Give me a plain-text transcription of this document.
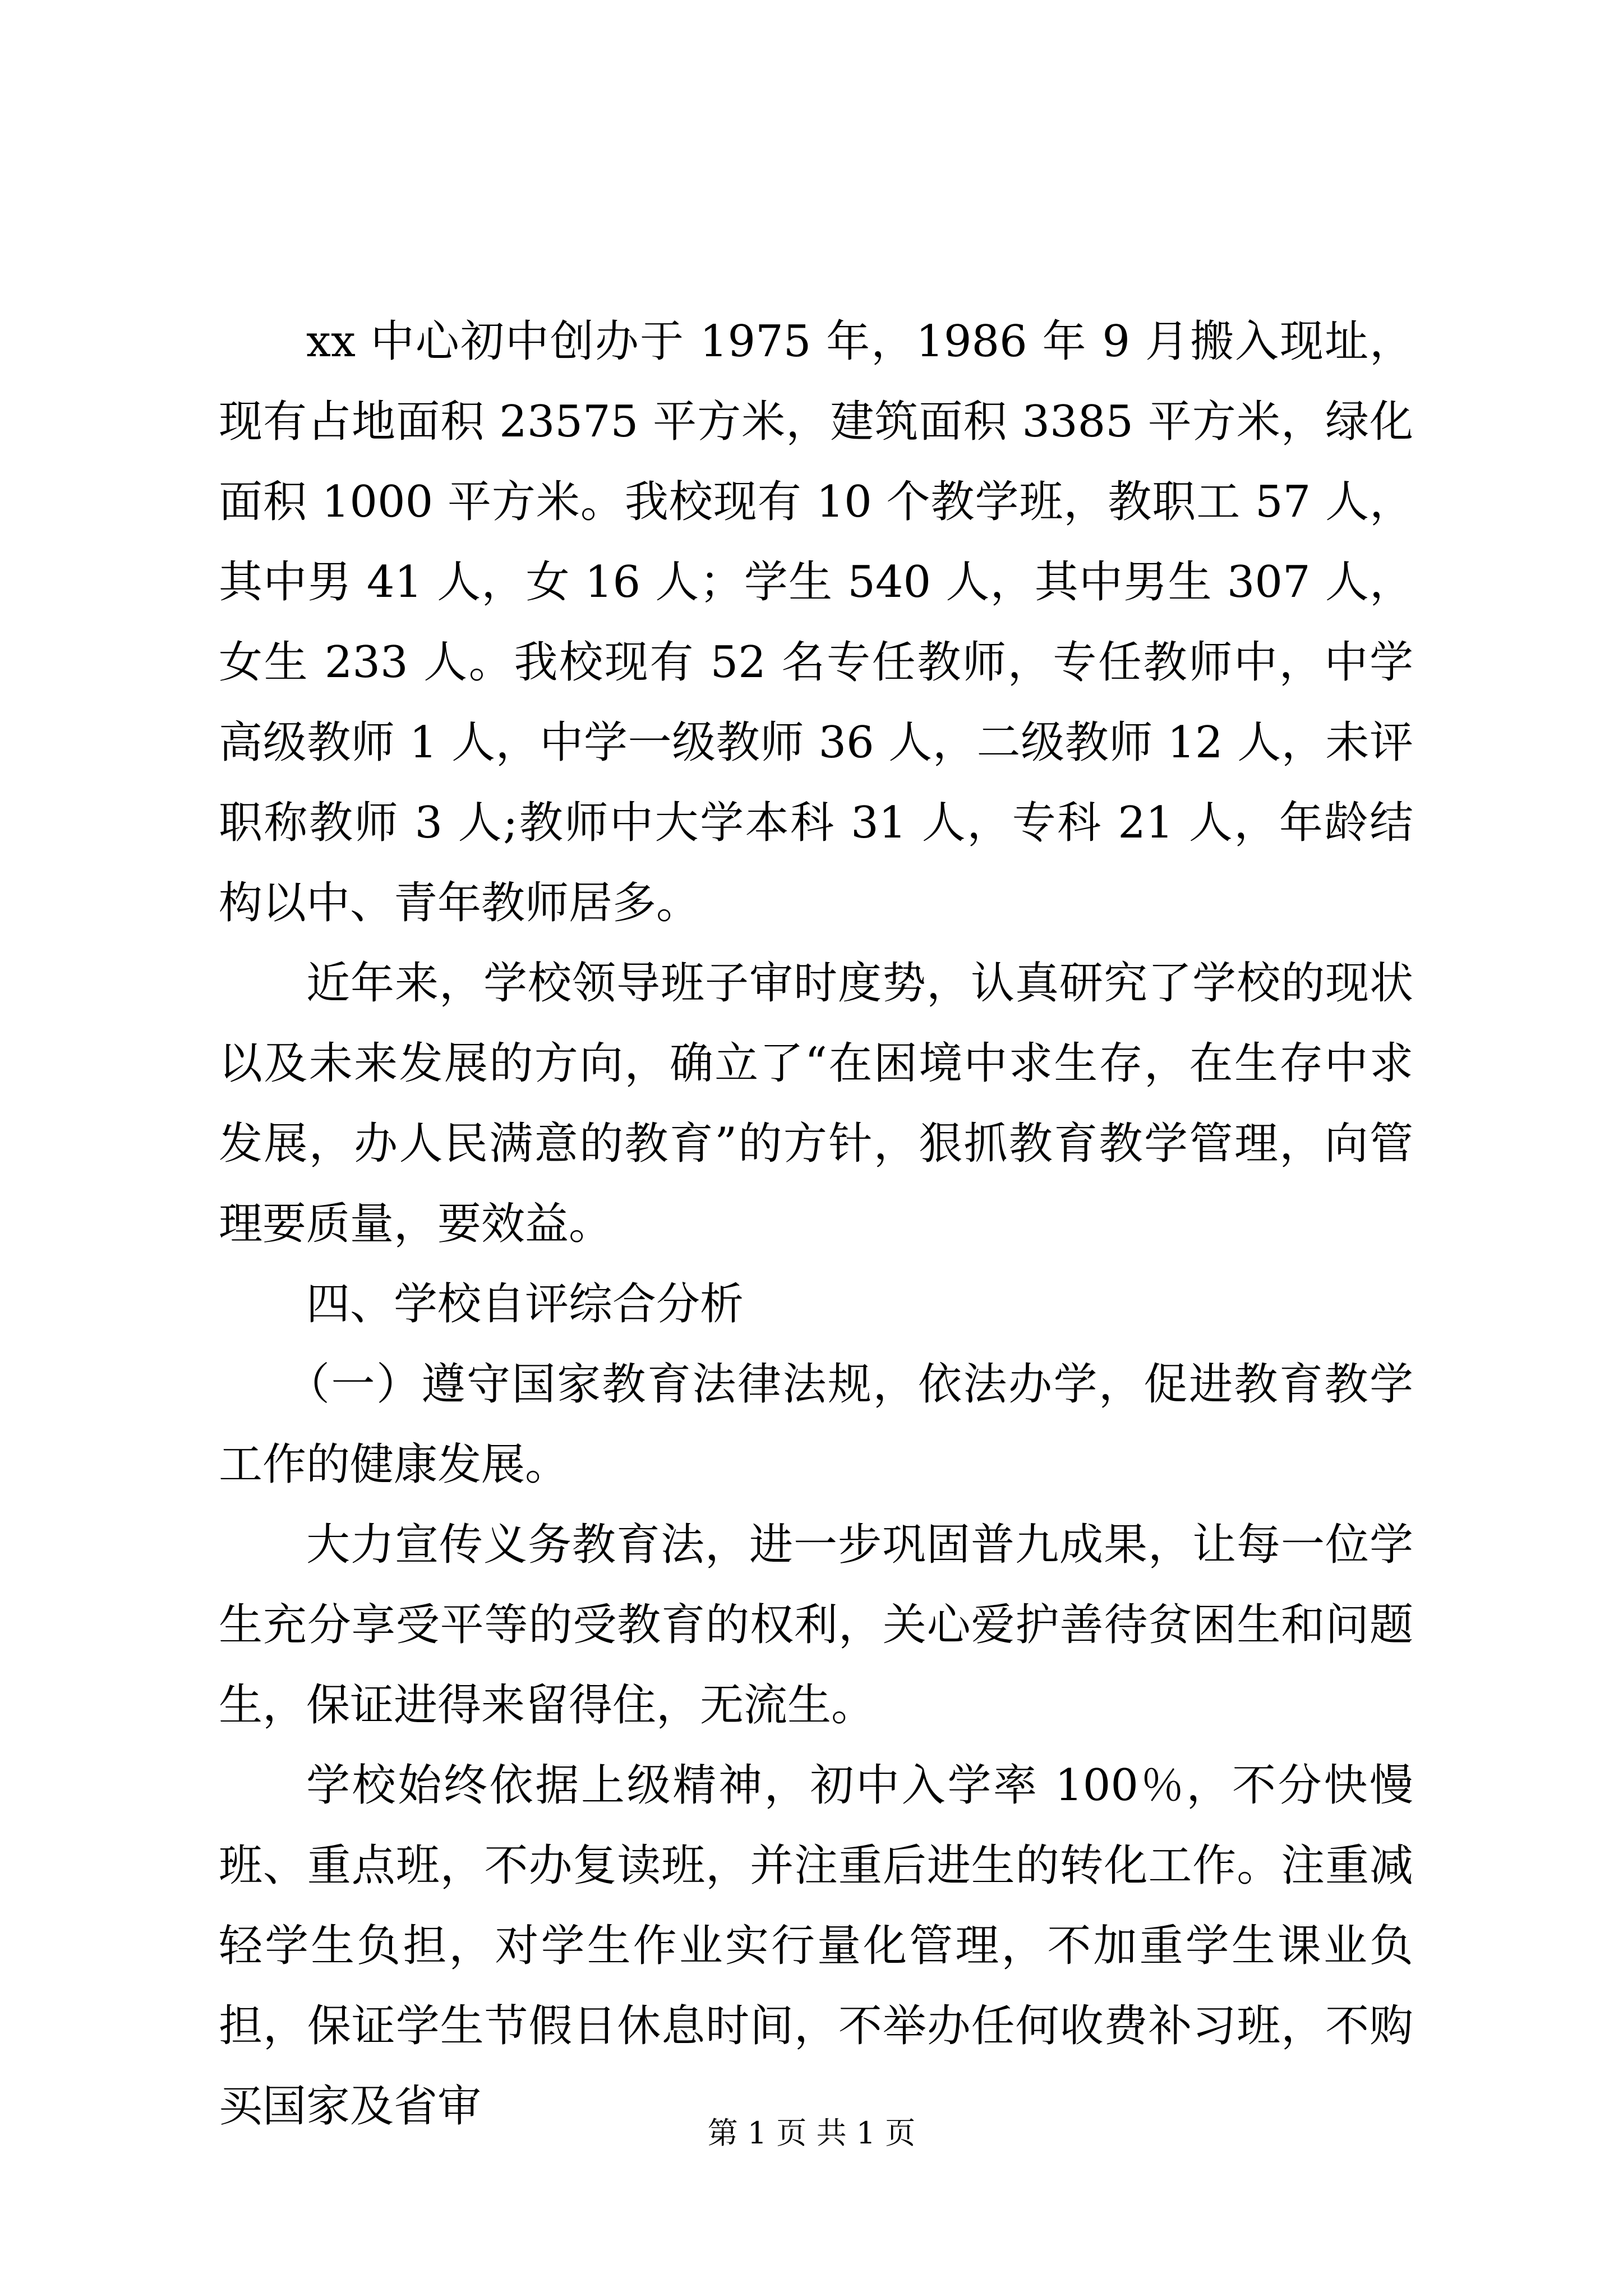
xx 中心初中创办于 1975 年，1986 年 9 月搬入现址，现有占地面积 23575 平方米，建筑面积 3385 平方米，绿化面积 1000 平方米。我校现有 10 个教学班，教职工 57 人，其中男 41 人，女 16 人；学生 540 人，其中男生 307 人，女生 233 人。我校现有 52 名专任教师，专任教师中，中学高级教师 1 人，中学一级教师 36 人，二级教师 12 人，未评职称教师 3 人;教师中大学本科 31 人，专科 21 人，年龄结构以中、青年教师居多。

近年来，学校领导班子审时度势，认真研究了学校的现状以及未来发展的方向，确立了“在困境中求生存，在生存中求发展，办人民满意的教育”的方针，狠抓教育教学管理，向管理要质量，要效益。

四、学校自评综合分析

（一）遵守国家教育法律法规，依法办学，促进教育教学工作的健康发展。

大力宣传义务教育法，进一步巩固普九成果，让每一位学生充分享受平等的受教育的权利，关心爱护善待贫困生和问题生，保证进得来留得住，无流生。

学校始终依据上级精神，初中入学率 100％，不分快慢班、重点班，不办复读班，并注重后进生的转化工作。注重减轻学生负担，对学生作业实行量化管理，不加重学生课业负担，保证学生节假日休息时间，不举办任何收费补习班，不购买国家及省审

第 1 页 共 1 页
